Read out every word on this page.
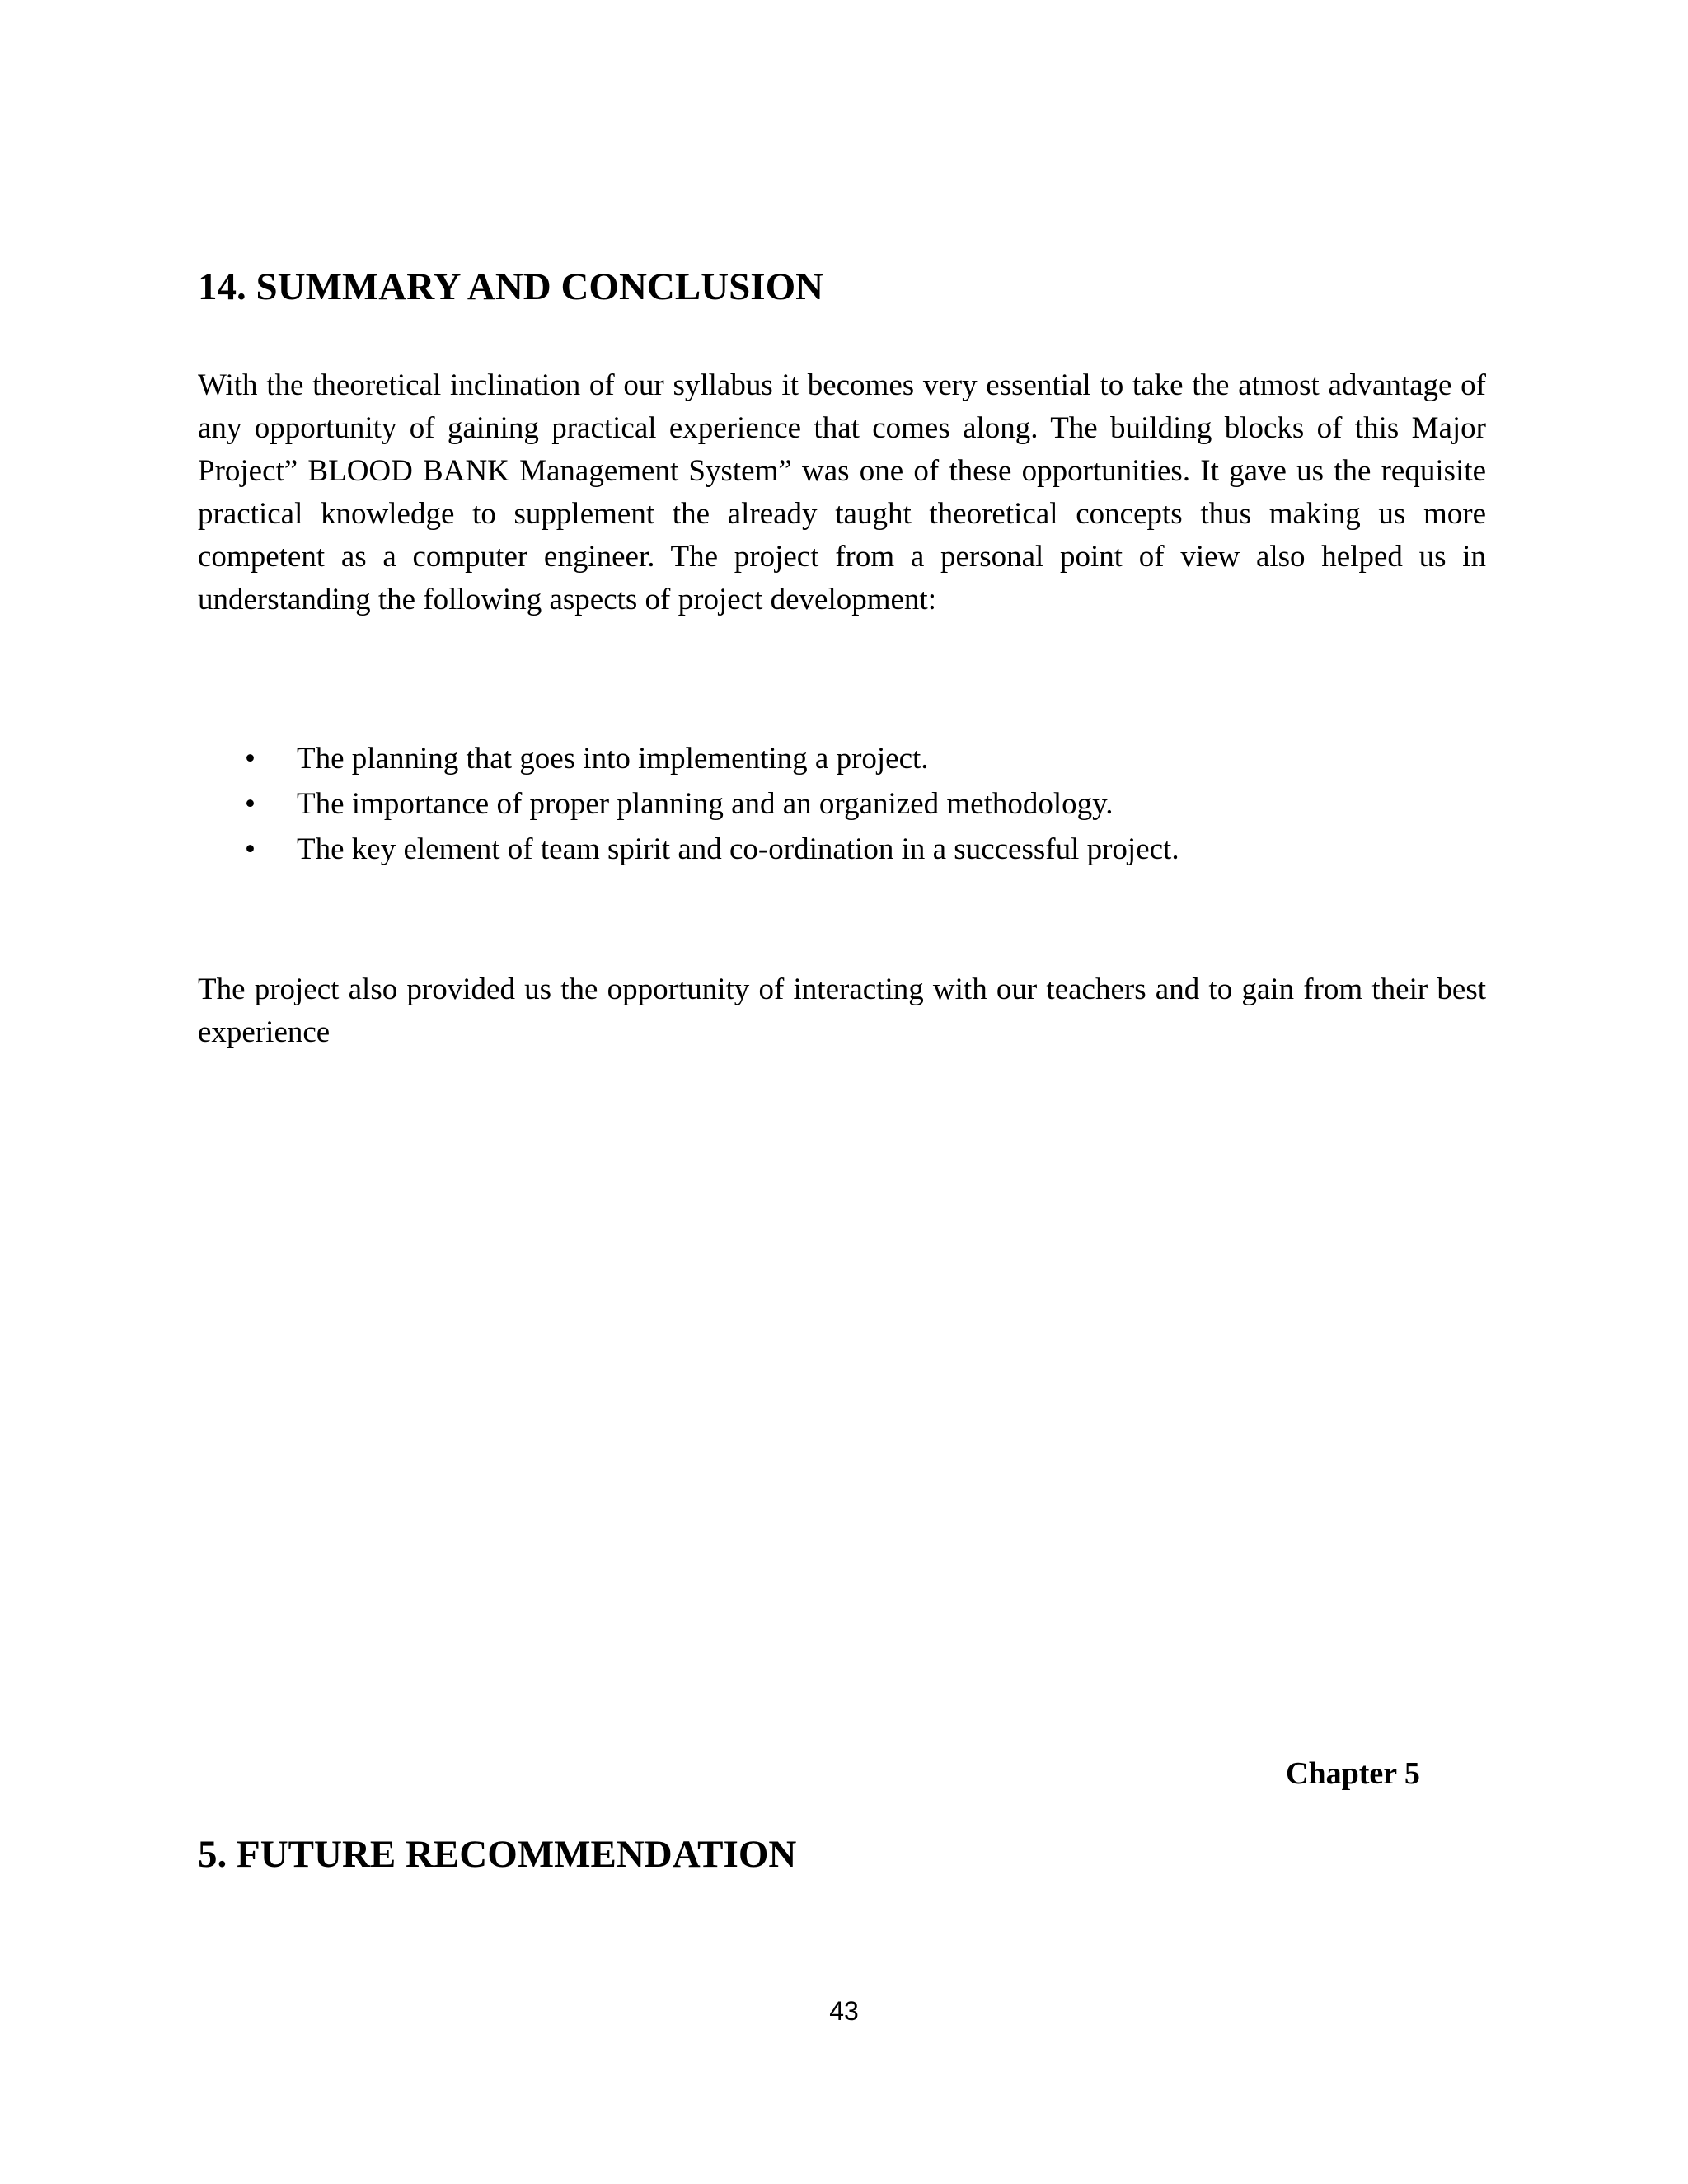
14. SUMMARY AND CONCLUSION

With the theoretical inclination of our syllabus it becomes very essential to take the atmost advantage of any opportunity of gaining practical experience that comes along. The building blocks of this Major Project” BLOOD BANK Management System” was one of these opportunities. It gave us the requisite practical knowledge to supplement the already taught theoretical concepts thus making us more competent as a computer engineer. The project from a personal point of view also helped us in understanding the following aspects of project development:

• The planning that goes into implementing a project.
• The importance of proper planning and an organized methodology.
• The key element of team spirit and co-ordination in a successful project.

The project also provided us the opportunity of interacting with our teachers and to gain from their best experience

Chapter 5
5. FUTURE RECOMMENDATION
43
